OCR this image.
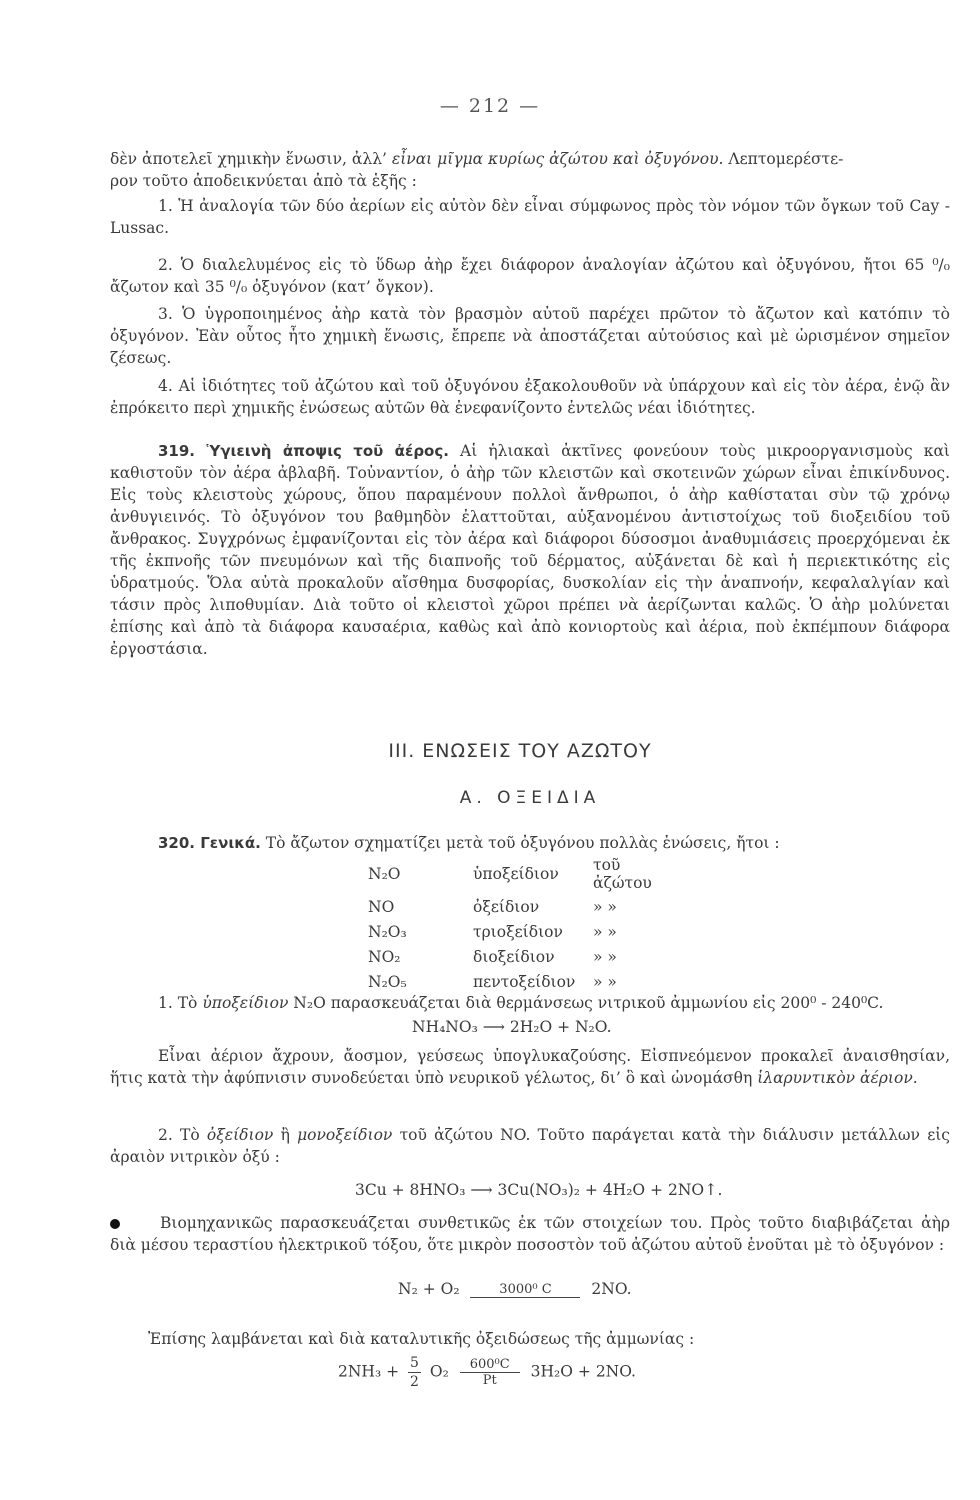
— 212 —

δὲν ἀποτελεῖ χημικὴν ἕνωσιν, ἀλλ’ εἶναι μῖγμα κυρίως ἀζώτου καὶ ὀξυγόνου. Λεπτομερέστε-
ρον τοῦτο ἀποδεικνύεται ἀπὸ τὰ ἑξῆς :

1. Ἡ ἀναλογία τῶν δύο ἀερίων εἰς αὐτὸν δὲν εἶναι σύμφωνος πρὸς τὸν νόμον τῶν ὄγκων τοῦ Cay - Lussac.

2. Ὁ διαλελυμένος εἰς τὸ ὕδωρ ἀὴρ ἔχει διάφορον ἀναλογίαν ἀζώτου καὶ ὀξυγόνου, ἤτοι 65 ⁰/₀ ἄζωτον καὶ 35 ⁰/₀ ὀξυγόνον (κατ’ ὄγκον).

3. Ὁ ὑγροποιημένος ἀὴρ κατὰ τὸν βρασμὸν αὐτοῦ παρέχει πρῶτον τὸ ἄζωτον καὶ κατόπιν τὸ ὀξυγόνον. Ἐὰν οὗτος ἦτο χημικὴ ἕνωσις, ἔπρεπε νὰ ἀποστάζεται αὐτούσιος καὶ μὲ ὡρισμένον σημεῖον ζέσεως.

4. Αἱ ἰδιότητες τοῦ ἀζώτου καὶ τοῦ ὀξυγόνου ἐξακολουθοῦν νὰ ὑπάρχουν καὶ εἰς τὸν ἀέρα, ἐνῷ ἂν ἐπρόκειτο περὶ χημικῆς ἑνώσεως αὐτῶν θὰ ἐνεφανίζοντο ἐντελῶς νέαι ἰδιότητες.

319. Ὑγιεινὴ ἀποψις τοῦ ἀέρος. Αἱ ἡλιακαὶ ἀκτῖνες φονεύουν τοὺς μικροοργανισμοὺς καὶ καθιστοῦν τὸν ἀέρα ἀβλαβῆ. Τοὐναντίον, ὁ ἀὴρ τῶν κλειστῶν καὶ σκοτεινῶν χώρων εἶναι ἐπικίνδυνος. Εἰς τοὺς κλειστοὺς χώρους, ὅπου παραμένουν πολλοὶ ἄνθρωποι, ὁ ἀὴρ καθίσταται σὺν τῷ χρόνῳ ἀνθυγιεινός. Τὸ ὀξυγόνον του βαθμηδὸν ἐλαττοῦται, αὐξανομένου ἀντιστοίχως τοῦ διοξειδίου τοῦ ἄνθρακος. Συγχρόνως ἐμφανίζονται εἰς τὸν ἀέρα καὶ διάφοροι δύσοσμοι ἀναθυμιάσεις προερχόμεναι ἐκ τῆς ἐκπνοῆς τῶν πνευμόνων καὶ τῆς διαπνοῆς τοῦ δέρματος, αὐξάνεται δὲ καὶ ἡ περιεκτικότης εἰς ὑδρατμούς. Ὅλα αὐτὰ προκαλοῦν αἴσθημα δυσφορίας, δυσκολίαν εἰς τὴν ἀναπνοήν, κεφαλαλγίαν καὶ τάσιν πρὸς λιποθυμίαν. Διὰ τοῦτο οἱ κλειστοὶ χῶροι πρέπει νὰ ἀερίζωνται καλῶς. Ὁ ἀὴρ μολύνεται ἐπίσης καὶ ἀπὸ τὰ διάφορα καυσαέρια, καθὼς καὶ ἀπὸ κονιορτοὺς καὶ ἀέρια, ποὺ ἐκπέμπουν διάφορα ἐργοστάσια.

III. ΕΝΩΣΕΙΣ ΤΟΥ ΑΖΩΤΟΥ
Α. ΟΞΕΙΔΙΑ

320. Γενικά. Τὸ ἄζωτον σχηματίζει μετὰ τοῦ ὀξυγόνου πολλὰς ἑνώσεις, ἤτοι :

N₂O	ὑποξείδιον	τοῦ ἀζώτου
NO	ὀξείδιον	» »
N₂O₃	τριοξείδιον	» »
NO₂	διοξείδιον	» »
N₂O₅	πεντοξείδιον	» »

1. Τὸ ὑποξείδιον N₂O παρασκευάζεται διὰ θερμάνσεως νιτρικοῦ ἀμμωνίου εἰς 200⁰ - 240⁰C.

NH₄NO₃ ⟶ 2H₂O + N₂O.

Εἶναι ἀέριον ἄχρουν, ἄοσμον, γεύσεως ὑπογλυκαζούσης. Εἰσπνεόμενον προκαλεῖ ἀναισθησίαν, ἥτις κατὰ τὴν ἀφύπνισιν συνοδεύεται ὑπὸ νευρικοῦ γέλωτος, δι’ ὃ καὶ ὠνομάσθη ἱλαρυντικὸν ἀέριον.

2. Τὸ ὀξείδιον ἢ μονοξείδιον τοῦ ἀζώτου NO. Τοῦτο παράγεται κατὰ τὴν διάλυσιν μετάλλων εἰς ἀραιὸν νιτρικὸν ὀξύ :

3Cu + 8HNO₃ ⟶ 3Cu(NO₃)₂ + 4H₂O + 2NO↑.

Βιομηχανικῶς παρασκευάζεται συνθετικῶς ἐκ τῶν στοιχείων του. Πρὸς τοῦτο διαβιβάζεται ἀὴρ διὰ μέσου τεραστίου ἠλεκτρικοῦ τόξου, ὅτε μικρὸν ποσοστὸν τοῦ ἀζώτου αὐτοῦ ἑνοῦται μὲ τὸ ὀξυγόνον :

N₂ + O₂	3000⁰ C	2NO.

Ἐπίσης λαμβάνεται καὶ διὰ καταλυτικῆς ὀξειδώσεως τῆς ἀμμωνίας :

$2NH_3 + \frac{5}{2} O_2 \frac{\text{600⁰C}}{Pt} 3H_2O + 2NO$.
